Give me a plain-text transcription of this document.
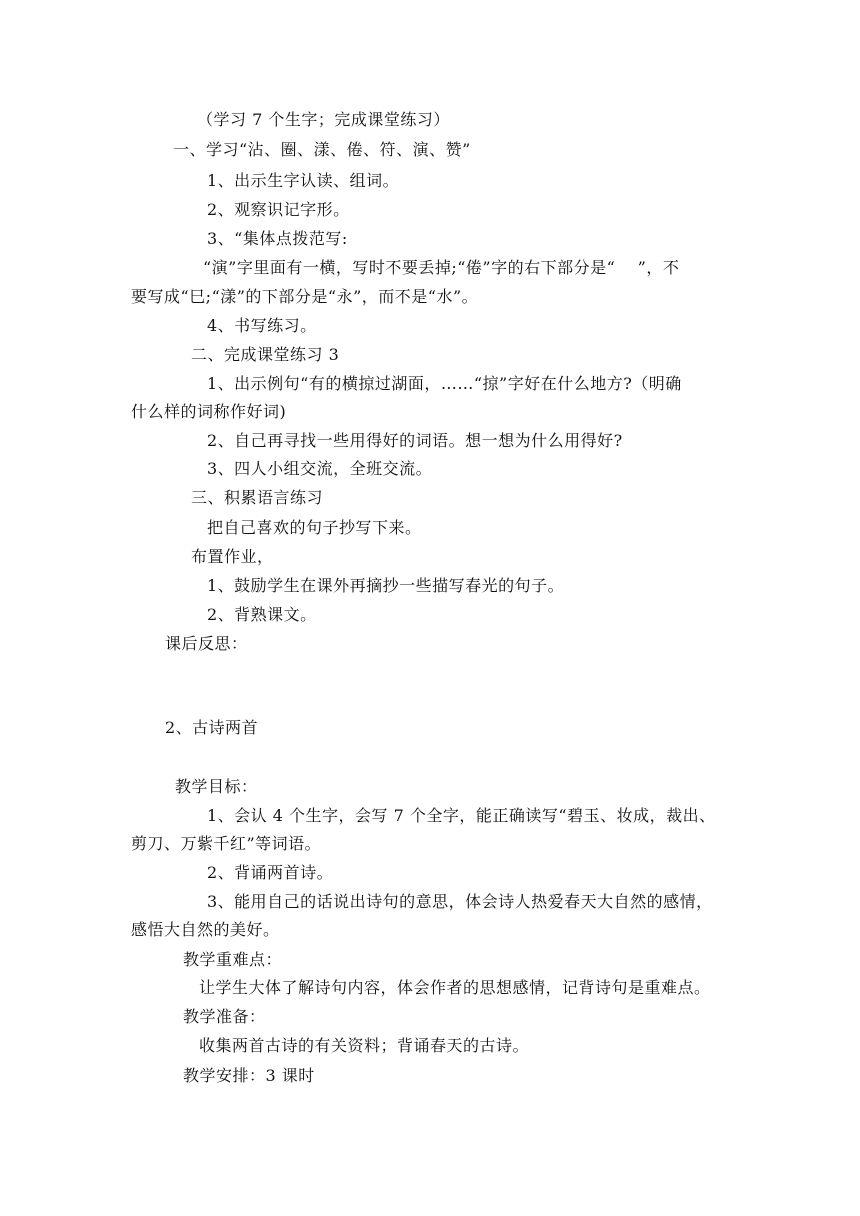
（学习 7 个生字；完成课堂练习）
一、学习“沾、圈、漾、倦、符、演、赞”
1、出示生字认读、组词。
2、观察识记字形。
3、“集体点拨范写:
“演”字里面有一横，写时不要丢掉;“倦”字的右下部分是“    ”，不
要写成“巳;“漾”的下部分是“永”，而不是“水”。
4、书写练习。
二、完成课堂练习 3
1、出示例句“有的横掠过湖面，……“掠”字好在什么地方?（明确
什么样的词称作好词)
2、自己再寻找一些用得好的词语。想一想为什么用得好?
3、四人小组交流，全班交流。
三、积累语言练习
把自己喜欢的句子抄写下来。
布置作业，
1、鼓励学生在课外再摘抄一些描写春光的句子。
2、背熟课文。
课后反思：
2、古诗两首
教学目标：
1、会认 4 个生字，会写 7 个全字，能正确读写“碧玉、妆成，裁出、
剪刀、万紫千红”等词语。
2、背诵两首诗。
3、能用自己的话说出诗句的意思，体会诗人热爱春天大自然的感情，
感悟大自然的美好。
教学重难点：
让学生大体了解诗句内容，体会作者的思想感情，记背诗句是重难点。
教学准备：
收集两首古诗的有关资料；背诵春天的古诗。
教学安排：3 课时
